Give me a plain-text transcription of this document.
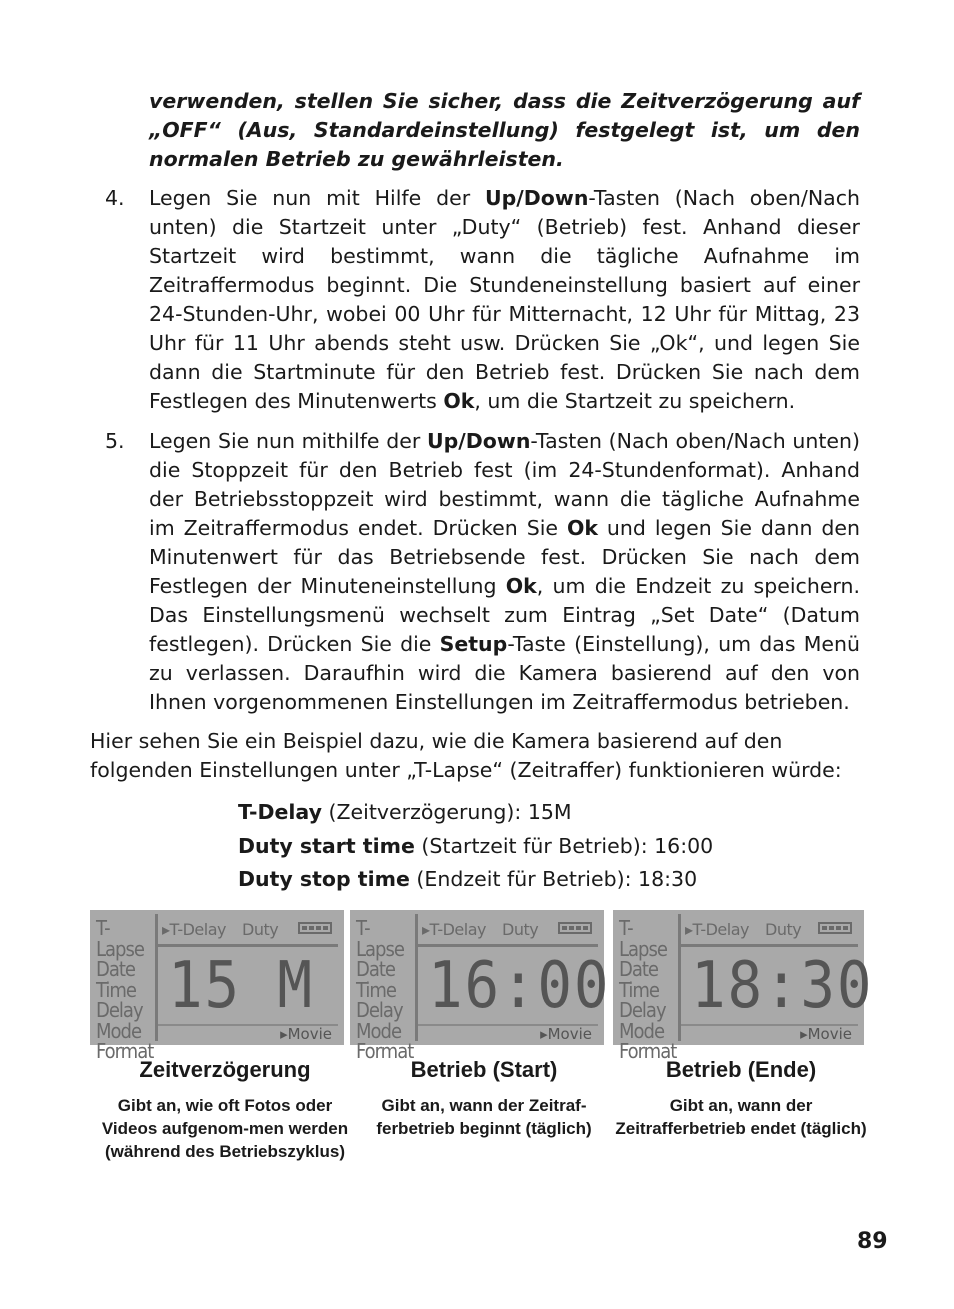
verwenden, stellen Sie sicher, dass die Zeitverzögerung auf „OFF“ (Aus, Standardeinstellung) festgelegt ist, um den normalen Betrieb zu gewährleisten.
4.	Legen Sie nun mit Hilfe der Up/Down-Tasten (Nach oben/Nach unten) die Startzeit unter „Duty“ (Betrieb) fest. Anhand dieser Startzeit wird bestimmt, wann die tägliche Aufnahme im Zeitraffermodus beginnt. Die Stundeneinstellung basiert auf einer 24-Stunden-Uhr, wobei 00 Uhr für Mitternacht, 12 Uhr für Mittag, 23 Uhr für 11 Uhr abends steht usw. Drücken Sie „Ok“, und legen Sie dann die Startminute für den Betrieb fest. Drücken Sie nach dem Festlegen des Minutenwerts Ok, um die Startzeit zu speichern.
5.	Legen Sie nun mithilfe der Up/Down-Tasten (Nach oben/Nach unten) die Stoppzeit für den Betrieb fest (im 24-Stundenformat). Anhand der Betriebsstoppzeit wird bestimmt, wann die tägliche Aufnahme im Zeitraffermodus endet. Drücken Sie Ok und legen Sie dann den Minutenwert für das Betriebsende fest. Drücken Sie nach dem Festlegen der Minuteneinstellung Ok, um die Endzeit zu speichern. Das Einstellungsmenü wechselt zum Eintrag „Set Date“ (Datum festlegen). Drücken Sie die Setup-Taste (Einstellung), um das Menü zu verlassen. Daraufhin wird die Kamera basierend auf den von Ihnen vorgenommenen Einstellungen im Zeitraffermodus betrieben.
Hier sehen Sie ein Beispiel dazu, wie die Kamera basierend auf den folgenden Einstellungen unter „T-Lapse“ (Zeitraffer) funktionieren würde:
T-Delay (Zeitverzögerung): 15M
Duty start time (Startzeit für Betrieb): 16:00
Duty stop time (Endzeit für Betrieb): 18:30
T-Lapse
Date
Time
Delay
Mode
Format
▸T-Delay Duty
15 M
▸Movie
T-Lapse
Date
Time
Delay
Mode
Format
▸T-Delay Duty
16:00
▸Movie
T-Lapse
Date
Time
Delay
Mode
Format
▸T-Delay Duty
18:30
▸Movie
Zeitverzögerung	Betrieb (Start)	Betrieb (Ende)
Gibt an, wie oft Fotos oder Videos aufgenom-men werden (während des Betriebszyklus)
Gibt an, wann der Zeitraf-ferbetrieb beginnt (täglich)
Gibt an, wann der Zeitrafferbetrieb endet (täglich)
89
